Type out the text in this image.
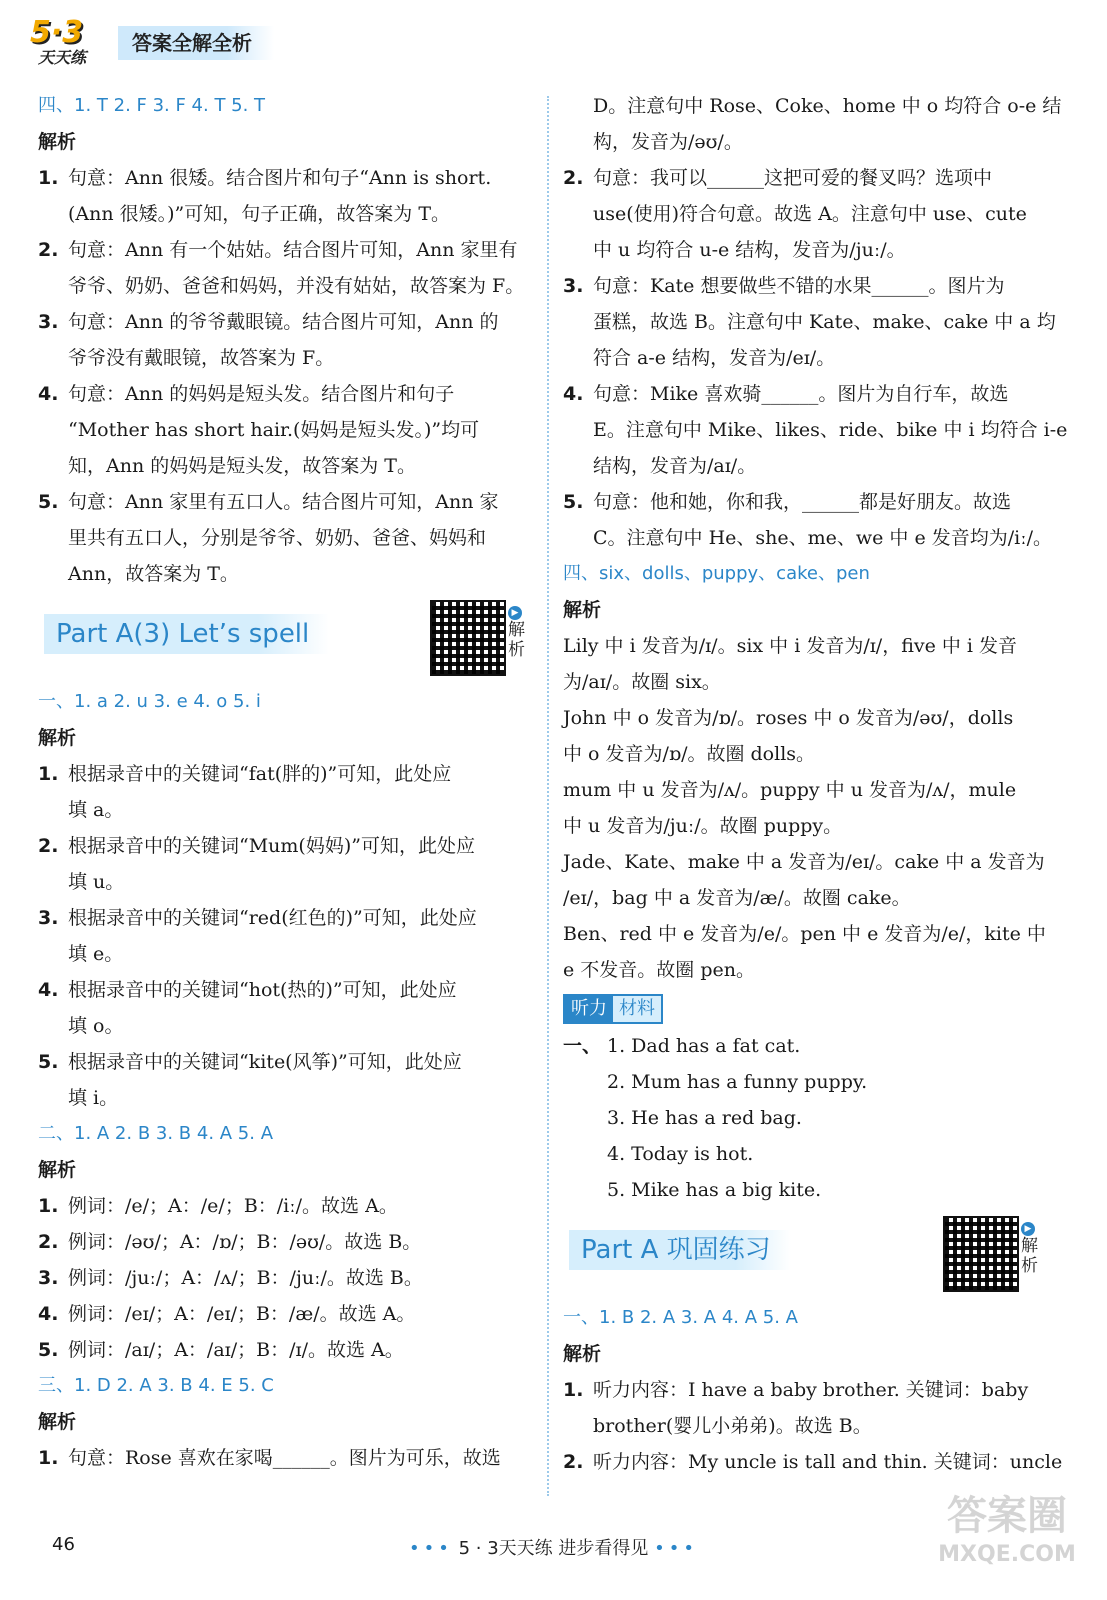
5·3
天天练
答案全解全析
四、1. T 2. F 3. F 4. T 5. T
解析
1. 句意：Ann 很矮。结合图片和句子“Ann is short.
(Ann 很矮。)”可知，句子正确，故答案为 T。
2. 句意：Ann 有一个姑姑。结合图片可知，Ann 家里有
爷爷、奶奶、爸爸和妈妈，并没有姑姑，故答案为 F。
3. 句意：Ann 的爷爷戴眼镜。结合图片可知，Ann 的
爷爷没有戴眼镜，故答案为 F。
4. 句意：Ann 的妈妈是短头发。结合图片和句子
“Mother has short hair.(妈妈是短头发。)”均可
知，Ann 的妈妈是短头发，故答案为 T。
5. 句意：Ann 家里有五口人。结合图片可知，Ann 家
里共有五口人，分别是爷爷、奶奶、爸爸、妈妈和
Ann，故答案为 T。
Part A(3) Let’s spell
▶
解析
一、1. a 2. u 3. e 4. o 5. i
解析
1. 根据录音中的关键词“fat(胖的)”可知，此处应
填 a。
2. 根据录音中的关键词“Mum(妈妈)”可知，此处应
填 u。
3. 根据录音中的关键词“red(红色的)”可知，此处应
填 e。
4. 根据录音中的关键词“hot(热的)”可知，此处应
填 o。
5. 根据录音中的关键词“kite(风筝)”可知，此处应
填 i。
二、1. A 2. B 3. B 4. A 5. A
解析
1. 例词：/e/；A：/e/；B：/iː/。故选 A。
2. 例词：/əʊ/；A：/ɒ/；B：/əʊ/。故选 B。
3. 例词：/juː/；A：/ʌ/；B：/juː/。故选 B。
4. 例词：/eɪ/；A：/eɪ/；B：/æ/。故选 A。
5. 例词：/aɪ/；A：/aɪ/；B：/ɪ/。故选 A。
三、1. D 2. A 3. B 4. E 5. C
解析
1. 句意：Rose 喜欢在家喝______。图片为可乐，故选
D。注意句中 Rose、Coke、home 中 o 均符合 o-e 结
构，发音为/əʊ/。
2. 句意：我可以______这把可爱的餐叉吗？选项中
use(使用)符合句意。故选 A。注意句中 use、cute
中 u 均符合 u-e 结构，发音为/juː/。
3. 句意：Kate 想要做些不错的水果______。图片为
蛋糕，故选 B。注意句中 Kate、make、cake 中 a 均
符合 a-e 结构，发音为/eɪ/。
4. 句意：Mike 喜欢骑______。图片为自行车，故选
E。注意句中 Mike、likes、ride、bike 中 i 均符合 i-e
结构，发音为/aɪ/。
5. 句意：他和她，你和我，______都是好朋友。故选
C。注意句中 He、she、me、we 中 e 发音均为/iː/。
四、six、dolls、puppy、cake、pen
解析
Lily 中 i 发音为/ɪ/。six 中 i 发音为/ɪ/，five 中 i 发音
为/aɪ/。故圈 six。
John 中 o 发音为/ɒ/。roses 中 o 发音为/əʊ/，dolls
中 o 发音为/ɒ/。故圈 dolls。
mum 中 u 发音为/ʌ/。puppy 中 u 发音为/ʌ/，mule
中 u 发音为/juː/。故圈 puppy。
Jade、Kate、make 中 a 发音为/eɪ/。cake 中 a 发音为
/eɪ/，bag 中 a 发音为/æ/。故圈 cake。
Ben、red 中 e 发音为/e/。pen 中 e 发音为/e/，kite 中
e 不发音。故圈 pen。
听力 材料
一、 1. Dad has a fat cat.
2. Mum has a funny puppy.
3. He has a red bag.
4. Today is hot.
5. Mike has a big kite.
Part A 巩固练习
▶
解析
一、1. B 2. A 3. A 4. A 5. A
解析
1. 听力内容：I have a baby brother. 关键词：baby
brother(婴儿小弟弟)。故选 B。
2. 听力内容：My uncle is tall and thin. 关键词：uncle
46	••• 5 · 3天天练 进步看得见 •••
答案圈
MXQE.COM
